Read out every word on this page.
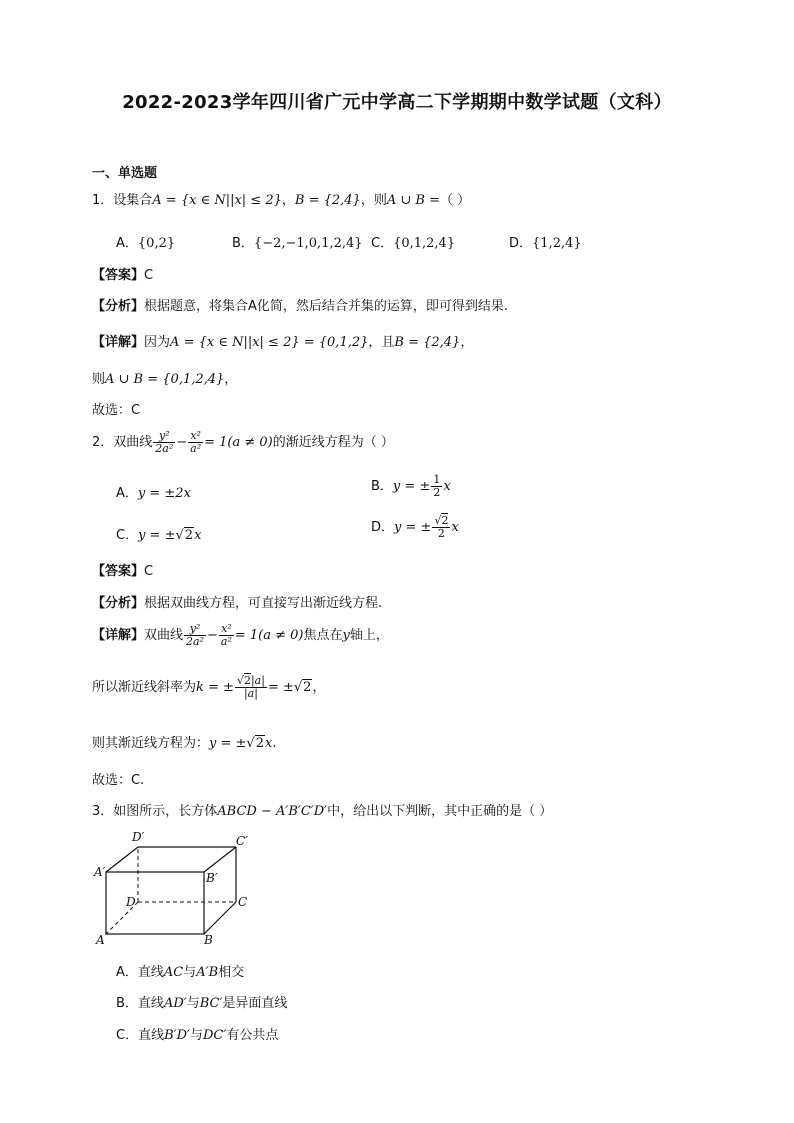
2022-2023学年四川省广元中学高二下学期期中数学试题（文科）
一、单选题
1．设集合A = {x ∈ N||x| ≤ 2}，B = {2,4}，则A ∪ B =（ ）
A．{0,2}	B．{−2,−1,0,1,2,4} C．{0,1,2,4}	D．{1,2,4}
【答案】C
【分析】根据题意，将集合A化简，然后结合并集的运算，即可得到结果.
【详解】因为A = {x ∈ N||x| ≤ 2} = {0,1,2}，且B = {2,4}，
则A ∪ B = {0,1,2,4}，
故选：C
2．双曲线 $\frac{\text{y²}}{\text{2a²}} - \frac{\text{x²}}{\text{a²}} = 1(a \ne 0)$的渐近线方程为（ ）
A．y = ±2x	B．y = ± $\frac{1}{2}$ x
C．y = ±√2x
D．y = ± $\frac{√2}{2}$ x
【答案】C
【分析】根据双曲线方程，可直接写出渐近线方程.
【详解】双曲线 $\frac{\text{y²}}{\text{2a²}} - \frac{\text{x²}}{\text{a²}} = 1(a \ne 0)$焦点在y轴上，
所以渐近线斜率为k = ± $\frac{√2|a|}{|a|} = \pm√2$，
则其渐近线方程为：y = ±√2x.
故选：C.
3．如图所示，长方体ABCD − A′B′C′D′中，给出以下判断，其中正确的是（ ）
D′	C′
A′	B′
D	C
A	B
A．直线AC与A′B相交
B．直线AD′与BC′是异面直线
C．直线B′D′与DC′有公共点
